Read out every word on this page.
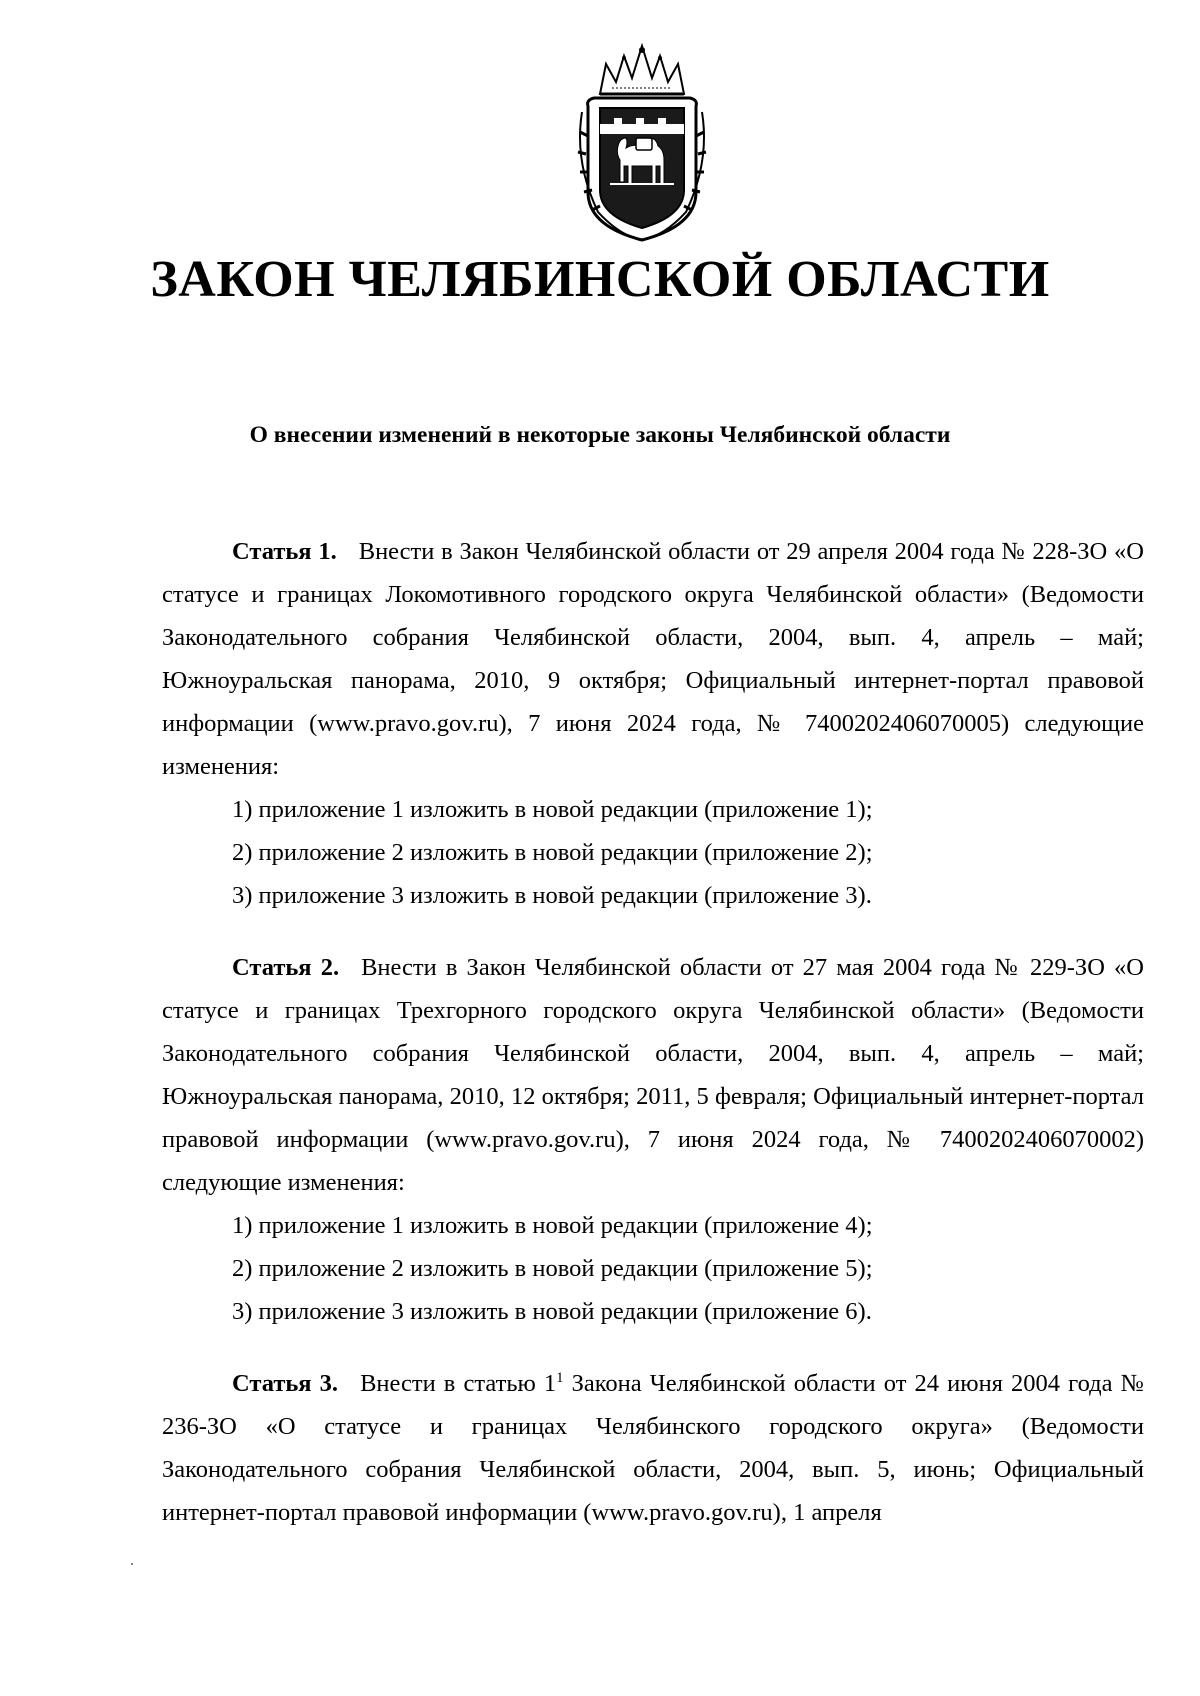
ЗАКОН ЧЕЛЯБИНСКОЙ ОБЛАСТИ
О внесении изменений в некоторые законы Челябинской области

Статья 1. Внести в Закон Челябинской области от 29 апреля 2004 года № 228-ЗО «О статусе и границах Локомотивного городского округа Челябинской области» (Ведомости Законодательного собрания Челябинской области, 2004, вып. 4, апрель – май; Южноуральская панорама, 2010, 9 октября; Официальный интернет-портал правовой информации (www.pravo.gov.ru), 7 июня 2024 года, № 7400202406070005) следующие изменения:

1) приложение 1 изложить в новой редакции (приложение 1);

2) приложение 2 изложить в новой редакции (приложение 2);

3) приложение 3 изложить в новой редакции (приложение 3).

Статья 2. Внести в Закон Челябинской области от 27 мая 2004 года № 229-ЗО «О статусе и границах Трехгорного городского округа Челябинской области» (Ведомости Законодательного собрания Челябинской области, 2004, вып. 4, апрель – май; Южноуральская панорама, 2010, 12 октября; 2011, 5 февраля; Официальный интернет-портал правовой информации (www.pravo.gov.ru), 7 июня 2024 года, № 7400202406070002) следующие изменения:

1) приложение 1 изложить в новой редакции (приложение 4);

2) приложение 2 изложить в новой редакции (приложение 5);

3) приложение 3 изложить в новой редакции (приложение 6).

Статья 3. Внести в статью $1^1$ Закона Челябинской области от 24 июня 2004 года № 236-ЗО «О статусе и границах Челябинского городского округа» (Ведомости Законодательного собрания Челябинской области, 2004, вып. 5, июнь; Официальный интернет-портал правовой информации (www.pravo.gov.ru), 1 апреля
